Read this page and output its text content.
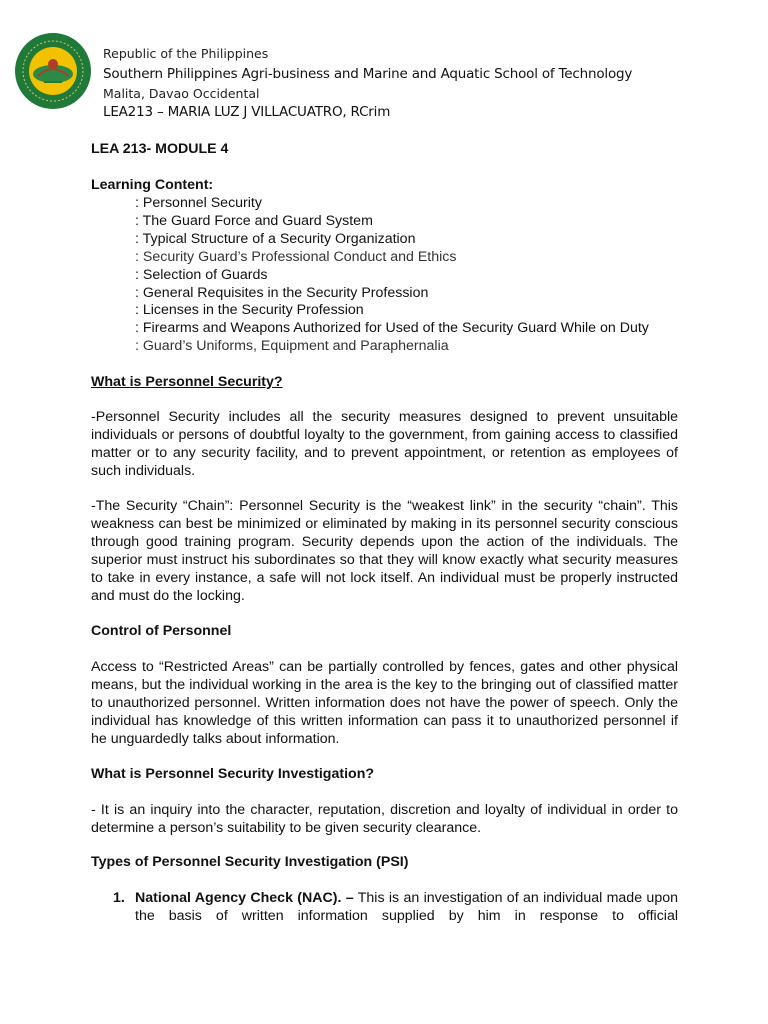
Republic of the Philippines
Southern Philippines Agri-business and Marine and Aquatic School of Technology
Malita, Davao Occidental
LEA213 – MARIA LUZ J VILLACUATRO, RCrim
LEA 213- MODULE 4
Learning Content:
: Personnel Security
: The Guard Force and Guard System
: Typical Structure of a Security Organization
: Security Guard’s Professional Conduct and Ethics
: Selection of Guards
: General Requisites in the Security Profession
: Licenses in the Security Profession
: Firearms and Weapons Authorized for Used of the Security Guard While on Duty
: Guard’s Uniforms, Equipment and Paraphernalia
What is Personnel Security?
-Personnel Security includes all the security measures designed to prevent unsuitable individuals or persons of doubtful loyalty to the government, from gaining access to classified matter or to any security facility, and to prevent appointment, or retention as employees of such individuals.
-The Security “Chain”: Personnel Security is the “weakest link” in the security “chain”. This weakness can best be minimized or eliminated by making in its personnel security conscious through good training program. Security depends upon the action of the individuals. The superior must instruct his subordinates so that they will know exactly what security measures to take in every instance, a safe will not lock itself. An individual must be properly instructed and must do the locking.
Control of Personnel
Access to “Restricted Areas” can be partially controlled by fences, gates and other physical means, but the individual working in the area is the key to the bringing out of classified matter to unauthorized personnel. Written information does not have the power of speech. Only the individual has knowledge of this written information can pass it to unauthorized personnel if he unguardedly talks about information.
What is Personnel Security Investigation?
- It is an inquiry into the character, reputation, discretion and loyalty of individual in order to determine a person’s suitability to be given security clearance.
Types of Personnel Security Investigation (PSI)
1. National Agency Check (NAC). – This is an investigation of an individual made upon the basis of written information supplied by him in response to official
